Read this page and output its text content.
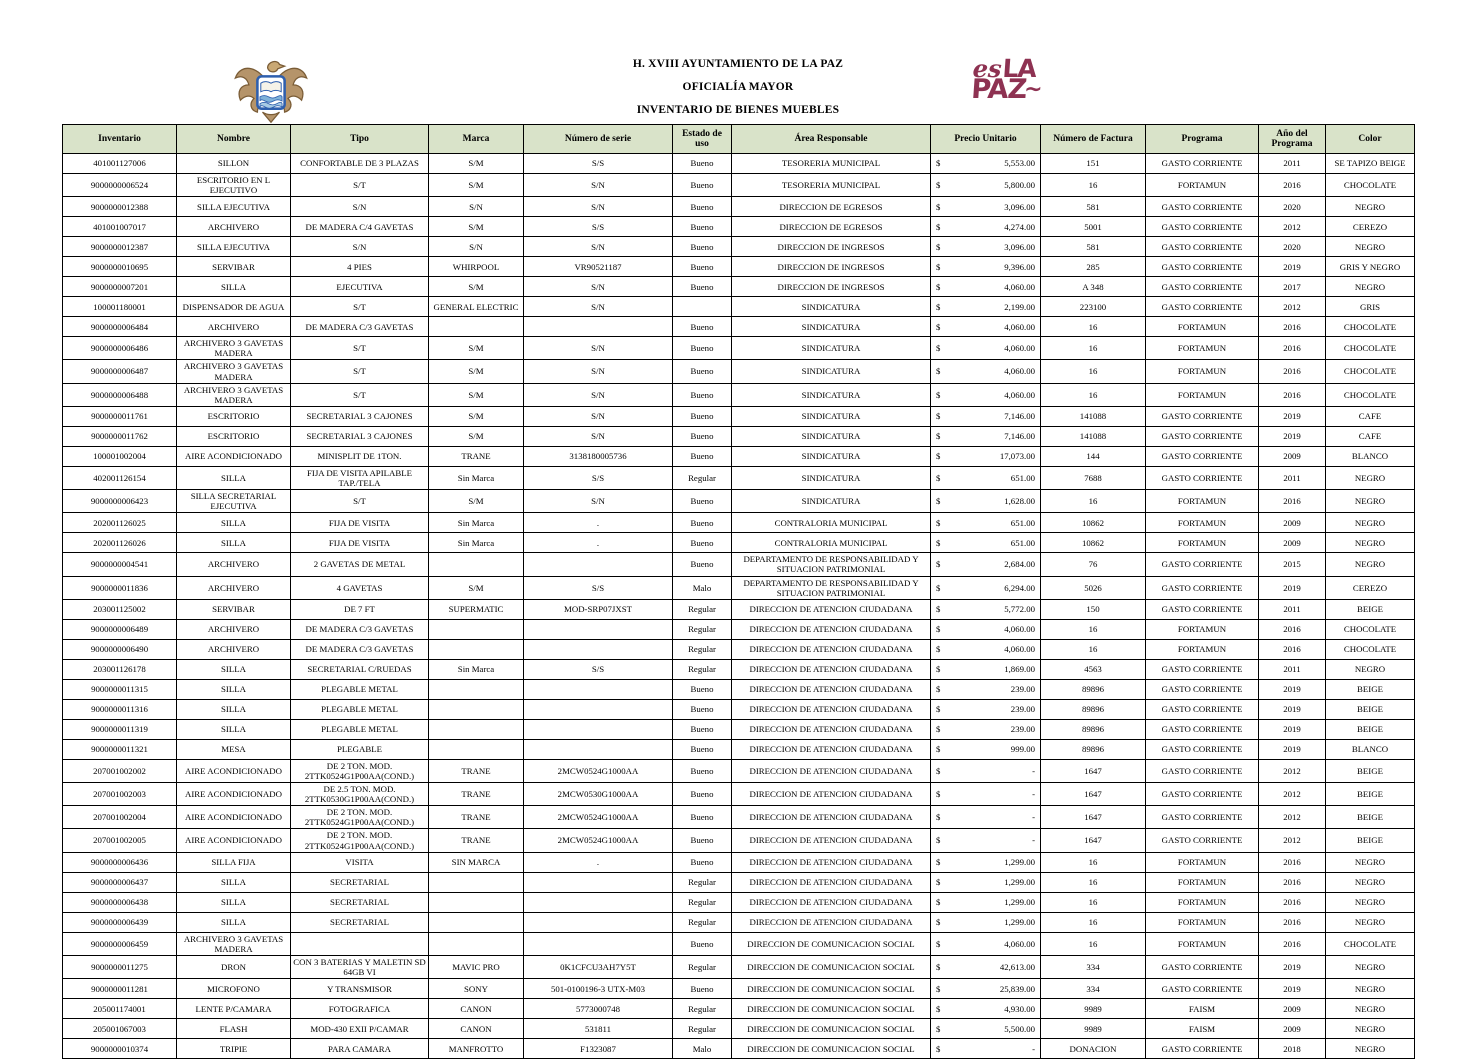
H. XVIII AYUNTAMIENTO DE LA PAZ
OFICIALÍA MAYOR
INVENTARIO DE BIENES MUEBLES
es
LA
PAZ
∼
Inventario	Nombre	Tipo	Marca	Número de serie	Estado de uso	Área Responsable	Precio Unitario	Número de Factura	Programa	Año del Programa	Color
401001127006	SILLON	CONFORTABLE DE 3 PLAZAS	S/M	S/S	Bueno	TESORERIA MUNICIPAL	$ 5,553.00	151	GASTO CORRIENTE	2011	SE TAPIZO BEIGE
9000000006524	ESCRITORIO EN L EJECUTIVO	S/T	S/M	S/N	Bueno	TESORERIA MUNICIPAL	$ 5,800.00	16	FORTAMUN	2016	CHOCOLATE
9000000012388	SILLA EJECUTIVA	S/N	S/N	S/N	Bueno	DIRECCION DE EGRESOS	$ 3,096.00	581	GASTO CORRIENTE	2020	NEGRO
401001007017	ARCHIVERO	DE MADERA C/4 GAVETAS	S/M	S/S	Bueno	DIRECCION DE EGRESOS	$ 4,274.00	5001	GASTO CORRIENTE	2012	CEREZO
9000000012387	SILLA EJECUTIVA	S/N	S/N	S/N	Bueno	DIRECCION DE INGRESOS	$ 3,096.00	581	GASTO CORRIENTE	2020	NEGRO
9000000010695	SERVIBAR	4 PIES	WHIRPOOL	VR90521187	Bueno	DIRECCION DE INGRESOS	$ 9,396.00	285	GASTO CORRIENTE	2019	GRIS Y NEGRO
9000000007201	SILLA	EJECUTIVA	S/M	S/N	Bueno	DIRECCION DE INGRESOS	$ 4,060.00	A 348	GASTO CORRIENTE	2017	NEGRO
100001180001	DISPENSADOR DE AGUA	S/T	GENERAL ELECTRIC	S/N		SINDICATURA	$ 2,199.00	223100	GASTO CORRIENTE	2012	GRIS
9000000006484	ARCHIVERO	DE MADERA C/3 GAVETAS			Bueno	SINDICATURA	$ 4,060.00	16	FORTAMUN	2016	CHOCOLATE
9000000006486	ARCHIVERO 3 GAVETAS MADERA	S/T	S/M	S/N	Bueno	SINDICATURA	$ 4,060.00	16	FORTAMUN	2016	CHOCOLATE
9000000006487	ARCHIVERO 3 GAVETAS MADERA	S/T	S/M	S/N	Bueno	SINDICATURA	$ 4,060.00	16	FORTAMUN	2016	CHOCOLATE
9000000006488	ARCHIVERO 3 GAVETAS MADERA	S/T	S/M	S/N	Bueno	SINDICATURA	$ 4,060.00	16	FORTAMUN	2016	CHOCOLATE
9000000011761	ESCRITORIO	SECRETARIAL 3 CAJONES	S/M	S/N	Bueno	SINDICATURA	$ 7,146.00	141088	GASTO CORRIENTE	2019	CAFE
9000000011762	ESCRITORIO	SECRETARIAL 3 CAJONES	S/M	S/N	Bueno	SINDICATURA	$ 7,146.00	141088	GASTO CORRIENTE	2019	CAFE
100001002004	AIRE ACONDICIONADO	MINISPLIT DE 1TON.	TRANE	3138180005736	Bueno	SINDICATURA	$ 17,073.00	144	GASTO CORRIENTE	2009	BLANCO
402001126154	SILLA	FIJA DE VISITA APILABLE TAP./TELA	Sin Marca	S/S	Regular	SINDICATURA	$ 651.00	7688	GASTO CORRIENTE	2011	NEGRO
9000000006423	SILLA SECRETARIAL EJECUTIVA	S/T	S/M	S/N	Bueno	SINDICATURA	$ 1,628.00	16	FORTAMUN	2016	NEGRO
202001126025	SILLA	FIJA DE VISITA	Sin Marca	.	Bueno	CONTRALORIA MUNICIPAL	$ 651.00	10862	FORTAMUN	2009	NEGRO
202001126026	SILLA	FIJA DE VISITA	Sin Marca	.	Bueno	CONTRALORIA MUNICIPAL	$ 651.00	10862	FORTAMUN	2009	NEGRO
9000000004541	ARCHIVERO	2 GAVETAS DE METAL			Bueno	DEPARTAMENTO DE RESPONSABILIDAD Y SITUACION PATRIMONIAL	$ 2,684.00	76	GASTO CORRIENTE	2015	NEGRO
9000000011836	ARCHIVERO	4 GAVETAS	S/M	S/S	Malo	DEPARTAMENTO DE RESPONSABILIDAD Y SITUACION PATRIMONIAL	$ 6,294.00	5026	GASTO CORRIENTE	2019	CEREZO
203001125002	SERVIBAR	DE 7 FT	SUPERMATIC	MOD-SRP07JXST	Regular	DIRECCION DE ATENCION CIUDADANA	$ 5,772.00	150	GASTO CORRIENTE	2011	BEIGE
9000000006489	ARCHIVERO	DE MADERA C/3 GAVETAS			Regular	DIRECCION DE ATENCION CIUDADANA	$ 4,060.00	16	FORTAMUN	2016	CHOCOLATE
9000000006490	ARCHIVERO	DE MADERA C/3 GAVETAS			Regular	DIRECCION DE ATENCION CIUDADANA	$ 4,060.00	16	FORTAMUN	2016	CHOCOLATE
203001126178	SILLA	SECRETARIAL C/RUEDAS	Sin Marca	S/S	Regular	DIRECCION DE ATENCION CIUDADANA	$ 1,869.00	4563	GASTO CORRIENTE	2011	NEGRO
9000000011315	SILLA	PLEGABLE METAL			Bueno	DIRECCION DE ATENCION CIUDADANA	$ 239.00	89896	GASTO CORRIENTE	2019	BEIGE
9000000011316	SILLA	PLEGABLE METAL			Bueno	DIRECCION DE ATENCION CIUDADANA	$ 239.00	89896	GASTO CORRIENTE	2019	BEIGE
9000000011319	SILLA	PLEGABLE METAL			Bueno	DIRECCION DE ATENCION CIUDADANA	$ 239.00	89896	GASTO CORRIENTE	2019	BEIGE
9000000011321	MESA	PLEGABLE			Bueno	DIRECCION DE ATENCION CIUDADANA	$ 999.00	89896	GASTO CORRIENTE	2019	BLANCO
207001002002	AIRE ACONDICIONADO	DE 2 TON. MOD. 2TTK0524G1P00AA(COND.)	TRANE	2MCW0524G1000AA	Bueno	DIRECCION DE ATENCION CIUDADANA	$ -	1647	GASTO CORRIENTE	2012	BEIGE
207001002003	AIRE ACONDICIONADO	DE 2.5 TON. MOD. 2TTK0530G1P00AA(COND.)	TRANE	2MCW0530G1000AA	Bueno	DIRECCION DE ATENCION CIUDADANA	$ -	1647	GASTO CORRIENTE	2012	BEIGE
207001002004	AIRE ACONDICIONADO	DE 2 TON. MOD. 2TTK0524G1P00AA(COND.)	TRANE	2MCW0524G1000AA	Bueno	DIRECCION DE ATENCION CIUDADANA	$ -	1647	GASTO CORRIENTE	2012	BEIGE
207001002005	AIRE ACONDICIONADO	DE 2 TON. MOD. 2TTK0524G1P00AA(COND.)	TRANE	2MCW0524G1000AA	Bueno	DIRECCION DE ATENCION CIUDADANA	$ -	1647	GASTO CORRIENTE	2012	BEIGE
9000000006436	SILLA FIJA	VISITA	SIN MARCA	.	Bueno	DIRECCION DE ATENCION CIUDADANA	$ 1,299.00	16	FORTAMUN	2016	NEGRO
9000000006437	SILLA	SECRETARIAL			Regular	DIRECCION DE ATENCION CIUDADANA	$ 1,299.00	16	FORTAMUN	2016	NEGRO
9000000006438	SILLA	SECRETARIAL			Regular	DIRECCION DE ATENCION CIUDADANA	$ 1,299.00	16	FORTAMUN	2016	NEGRO
9000000006439	SILLA	SECRETARIAL			Regular	DIRECCION DE ATENCION CIUDADANA	$ 1,299.00	16	FORTAMUN	2016	NEGRO
9000000006459	ARCHIVERO 3 GAVETAS MADERA				Bueno	DIRECCION DE COMUNICACION SOCIAL	$ 4,060.00	16	FORTAMUN	2016	CHOCOLATE
9000000011275	DRON	CON 3 BATERIAS Y MALETIN SD 64GB VI	MAVIC PRO	0K1CFCU3AH7Y5T	Regular	DIRECCION DE COMUNICACION SOCIAL	$ 42,613.00	334	GASTO CORRIENTE	2019	NEGRO
9000000011281	MICROFONO	Y TRANSMISOR	SONY	501-0100196-3 UTX-M03	Bueno	DIRECCION DE COMUNICACION SOCIAL	$ 25,839.00	334	GASTO CORRIENTE	2019	NEGRO
205001174001	LENTE P/CAMARA	FOTOGRAFICA	CANON	5773000748	Regular	DIRECCION DE COMUNICACION SOCIAL	$ 4,930.00	9989	FAISM	2009	NEGRO
205001067003	FLASH	MOD-430 EXII P/CAMAR	CANON	531811	Regular	DIRECCION DE COMUNICACION SOCIAL	$ 5,500.00	9989	FAISM	2009	NEGRO
9000000010374	TRIPIE	PARA CAMARA	MANFROTTO	F1323087	Malo	DIRECCION DE COMUNICACION SOCIAL	$ -	DONACION	GASTO CORRIENTE	2018	NEGRO
